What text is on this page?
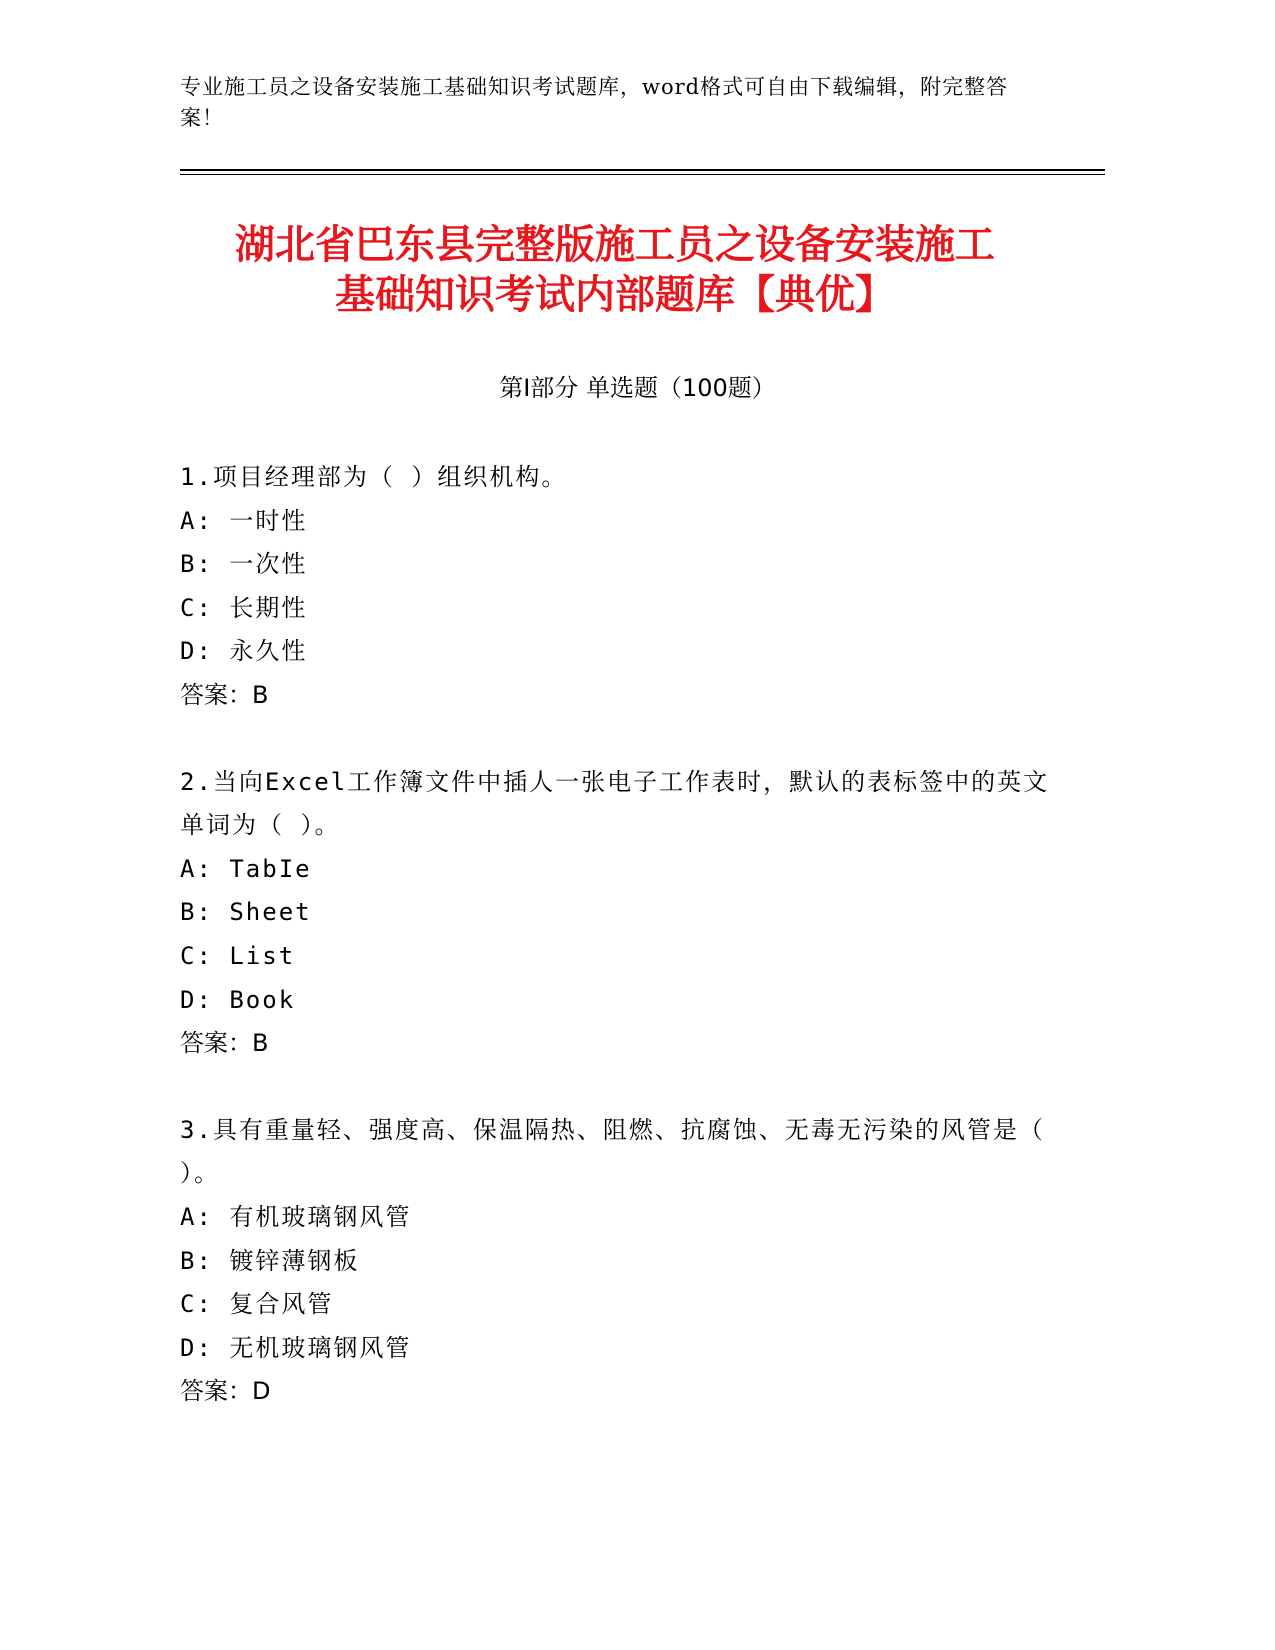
专业施工员之设备安装施工基础知识考试题库，word格式可自由下载编辑，附完整答案！
湖北省巴东县完整版施工员之设备安装施工
基础知识考试内部题库【典优】
第Ⅰ部分 单选题（100题）
1.项目经理部为（ ）组织机构。
A: 一时性
B: 一次性
C: 长期性
D: 永久性
答案：B
2.当向Excel工作簿文件中插人一张电子工作表时，默认的表标签中的英文单词为（ ）。
A: TabIe
B: Sheet
C: List
D: Book
答案：B
3.具有重量轻、强度高、保温隔热、阻燃、抗腐蚀、无毒无污染的风管是（ ）。
A: 有机玻璃钢风管
B: 镀锌薄钢板
C: 复合风管
D: 无机玻璃钢风管
答案：D
